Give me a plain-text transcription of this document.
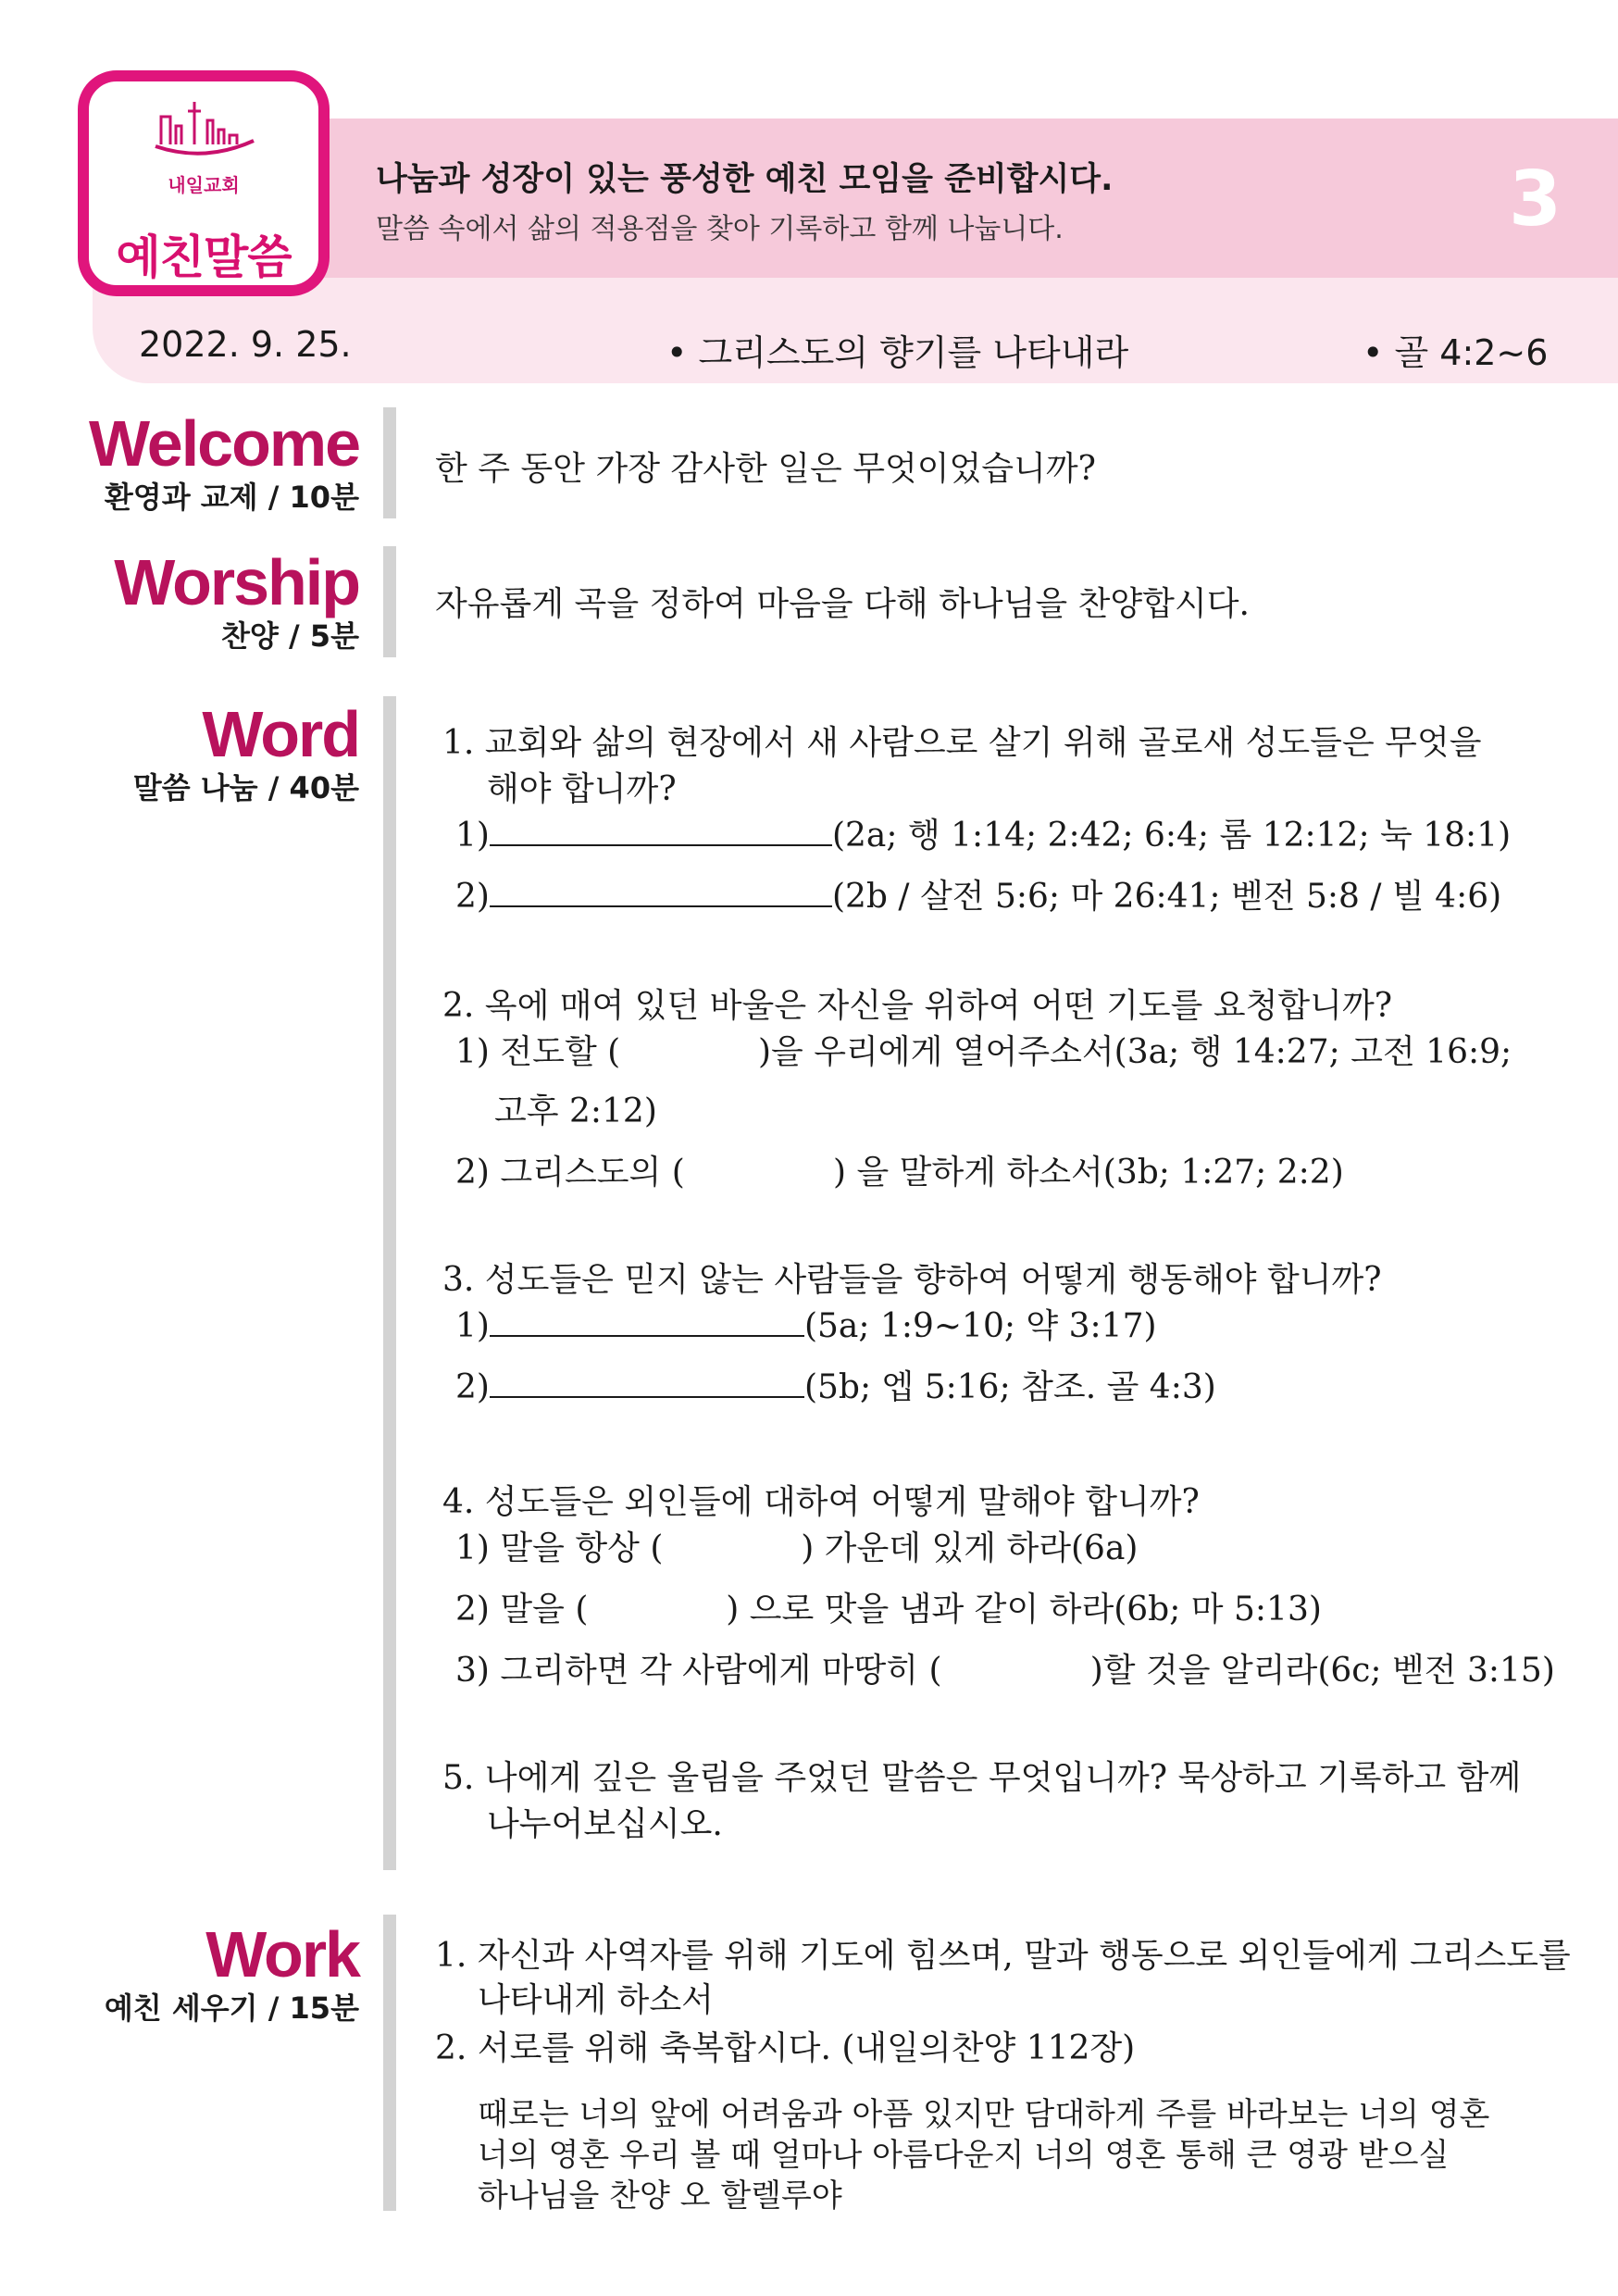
내일교회
예친말씀
나눔과 성장이 있는 풍성한 예친 모임을 준비합시다.
말씀 속에서 삶의 적용점을 찾아 기록하고 함께 나눕니다.	3
2022. 9. 25.	• 그리스도의 향기를 나타내라	• 골 4:2~6
Welcome
환영과 교제 / 10분
한 주 동안 가장 감사한 일은 무엇이었습니까?
Worship
찬양 / 5분
자유롭게 곡을 정하여 마음을 다해 하나님을 찬양합시다.
Word
말씀 나눔 / 40분
1. 교회와 삶의 현장에서 새 사람으로 살기 위해 골로새 성도들은 무엇을
해야 합니까?
1)	(2a; 행 1:14; 2:42; 6:4; 롬 12:12; 눅 18:1)
2)	(2b / 살전 5:6; 마 26:41; 벧전 5:8 / 빌 4:6)
2. 옥에 매여 있던 바울은 자신을 위하여 어떤 기도를 요청합니까?
1) 전도할 (             )을 우리에게 열어주소서(3a; 행 14:27; 고전 16:9;
고후 2:12)
2) 그리스도의 (              ) 을 말하게 하소서(3b; 1:27; 2:2)
3. 성도들은 믿지 않는 사람들을 향하여 어떻게 행동해야 합니까?
1)	(5a; 1:9~10; 약 3:17)
2)	(5b; 엡 5:16; 참조. 골 4:3)
4. 성도들은 외인들에 대하여 어떻게 말해야 합니까?
1) 말을 항상 (             ) 가운데 있게 하라(6a)
2) 말을 (             ) 으로 맛을 냄과 같이 하라(6b; 마 5:13)
3) 그리하면 각 사람에게 마땅히 (              )할 것을 알리라(6c; 벧전 3:15)
5. 나에게 깊은 울림을 주었던 말씀은 무엇입니까? 묵상하고 기록하고 함께
나누어보십시오.
Work
예친 세우기 / 15분
1. 자신과 사역자를 위해 기도에 힘쓰며, 말과 행동으로 외인들에게 그리스도를
나타내게 하소서
2. 서로를 위해 축복합시다. (내일의찬양 112장)
때로는 너의 앞에 어려움과 아픔 있지만 담대하게 주를 바라보는 너의 영혼
너의 영혼 우리 볼 때 얼마나 아름다운지 너의 영혼 통해 큰 영광 받으실
하나님을 찬양 오 할렐루야
